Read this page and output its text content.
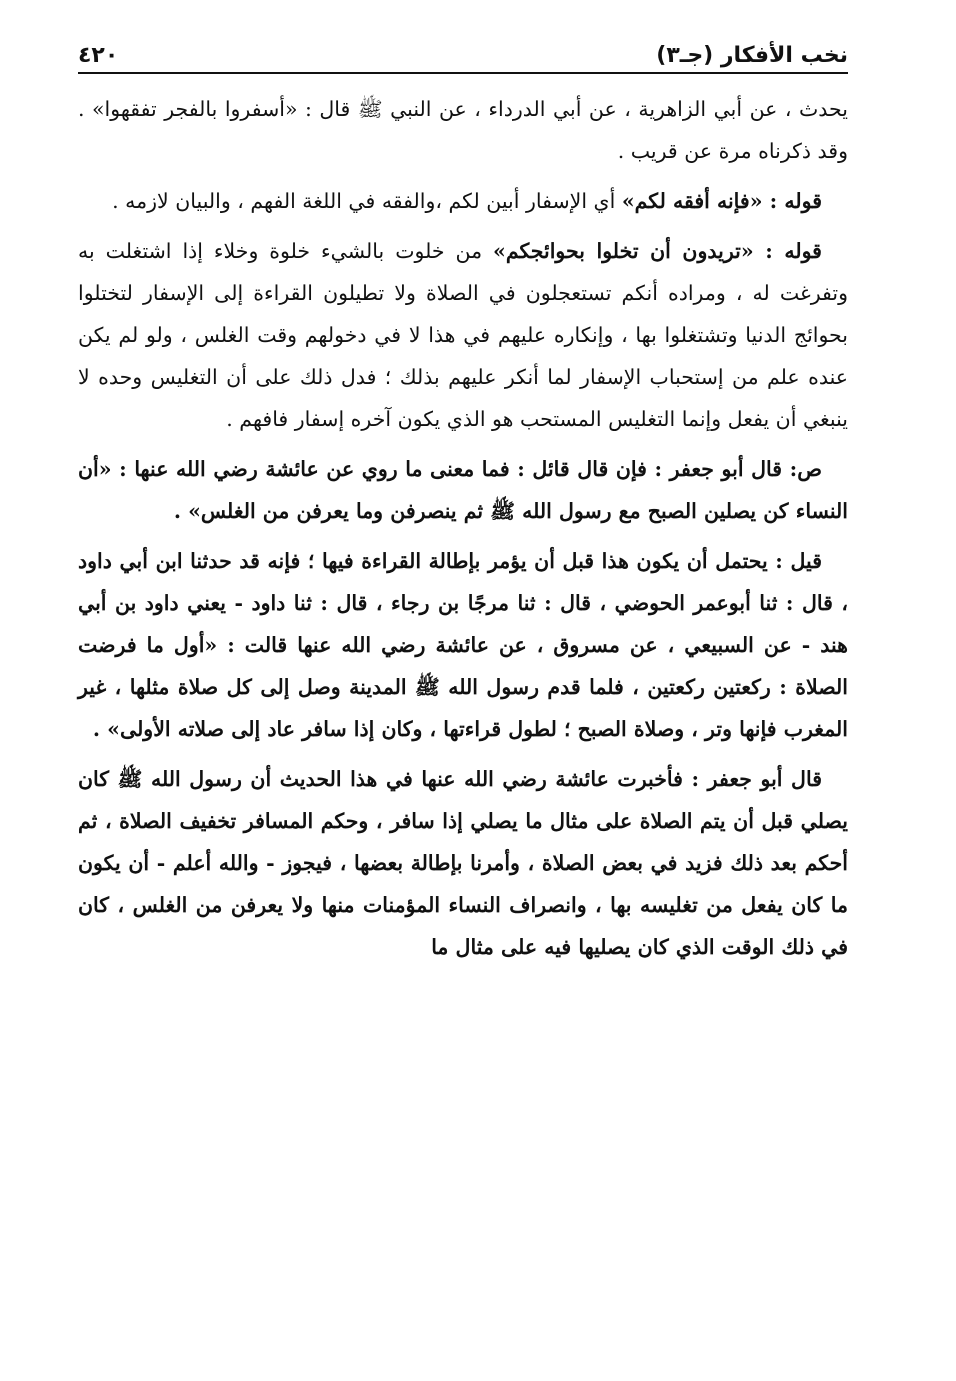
نخب الأفكار (جـ٣)
٤٢٠

يحدث ، عن أبي الزاهرية ، عن أبي الدرداء ، عن النبي ﷺ قال : «أسفروا بالفجر تفقهوا» . وقد ذكرناه مرة عن قريب .

قوله : «فإنه أفقه لكم» أي الإسفار أبين لكم ،والفقه في اللغة الفهم ، والبيان لازمه .

قوله : «تريدون أن تخلوا بحوائجكم» من خلوت بالشيء خلوة وخلاء إذا اشتغلت به وتفرغت له ، ومراده أنكم تستعجلون في الصلاة ولا تطيلون القراءة إلى الإسفار لتختلوا بحوائج الدنيا وتشتغلوا بها ، وإنكاره عليهم في هذا لا في دخولهم وقت الغلس ، ولو لم يكن عنده علم من إستحباب الإسفار لما أنكر عليهم بذلك ؛ فدل ذلك على أن التغليس وحده لا ينبغي أن يفعل وإنما التغليس المستحب هو الذي يكون آخره إسفار فافهم .

ص: قال أبو جعفر : فإن قال قائل : فما معنى ما روي عن عائشة رضي الله عنها : «أن النساء كن يصلين الصبح مع رسول الله ﷺ ثم ينصرفن وما يعرفن من الغلس» .

قيل : يحتمل أن يكون هذا قبل أن يؤمر بإطالة القراءة فيها ؛ فإنه قد حدثنا ابن أبي داود ، قال : ثنا أبوعمر الحوضي ، قال : ثنا مرجًا بن رجاء ، قال : ثنا داود - يعني داود بن أبي هند - عن السبيعي ، عن مسروق ، عن عائشة رضي الله عنها قالت : «أول ما فرضت الصلاة : ركعتين ركعتين ، فلما قدم رسول الله ﷺ المدينة وصل إلى كل صلاة مثلها ، غير المغرب فإنها وتر ، وصلاة الصبح ؛ لطول قراءتها ، وكان إذا سافر عاد إلى صلاته الأولى» .

قال أبو جعفر : فأخبرت عائشة رضي الله عنها في هذا الحديث أن رسول الله ﷺ كان يصلي قبل أن يتم الصلاة على مثال ما يصلي إذا سافر ، وحكم المسافر تخفيف الصلاة ، ثم أحكم بعد ذلك فزيد في بعض الصلاة ، وأمرنا بإطالة بعضها ، فيجوز - والله أعلم - أن يكون ما كان يفعل من تغليسه بها ، وانصراف النساء المؤمنات منها ولا يعرفن من الغلس ، كان في ذلك الوقت الذي كان يصليها فيه على مثال ما
